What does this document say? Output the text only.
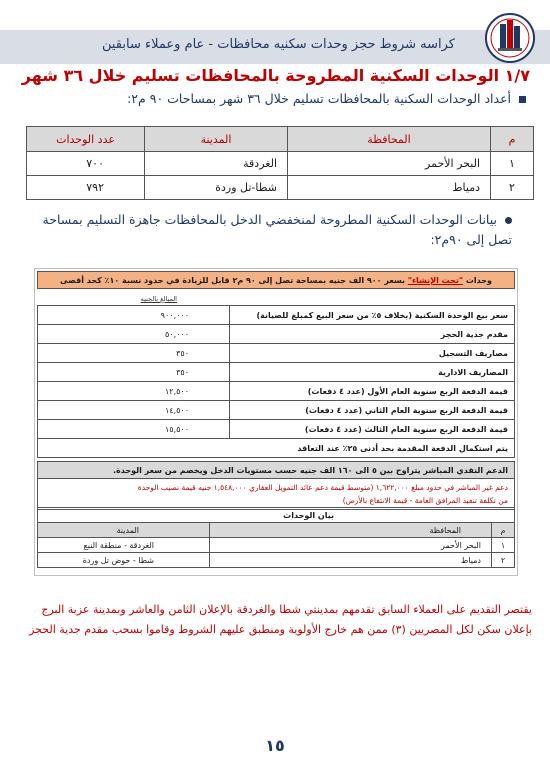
كراسه شروط حجز وحدات سكنيه محافظات - عام وعملاء سابقين
١/٧ الوحدات السكنية المطروحة بالمحافظات تسليم خلال ٣٦ شهر
أعداد الوحدات السكنية بالمحافظات تسليم خلال ٣٦ شهر بمساحات ٩٠ م٢:
م	المحافظة	المدينة	عدد الوحدات
١	البحر الأحمر	الغردقة	٧٠٠
٢	دمياط	شطا-تل وردة	٧٩٢
بيانات الوحدات السكنية المطروحة لمنخفضي الدخل بالمحافظات جاهزة التسليم بمساحة
تصل إلى ٩٠م٢:
وحدات "تحت الإنشاء" بسعر ٩٠٠ الف جنيه بمساحة تصل إلى ٩٠ م٢ قابل للزيادة في حدود نسبة ١٠٪ كحد أقصى
المبالغ بالجنيه
سعر بيع الوحدة السكنية (بخلاف ٥٪ من سعر البيع كمبلغ للصيانة)	٩٠٠,٠٠٠
مقدم جدية الحجز	٥٠,٠٠٠
مصاريف التسجيل	٣٥٠
المصاريف الادارية	٣٥٠
قيمة الدفعة الربع سنوية العام الأول (عدد ٤ دفعات)	١٢,٥٠٠
قيمة الدفعة الربع سنوية العام الثاني (عدد ٤ دفعات)	١٤,٥٠٠
قيمة الدفعة الربع سنوية العام الثالث (عدد ٤ دفعات)	١٥,٥٠٠
يتم استكمال الدفعة المقدمة بحد أدنى ٢٥٪ عند التعاقد	
الدعم النقدي المباشر يتراوح بين ٥ الى ١٦٠ الف جنيه حسب مستويات الدخل ويخصم من سعر الوحدة.

دعم غير المباشر في حدود مبلغ ١,٦٢٢,٠٠٠ (متوسط قيمة دعم عائد التمويل العقاري ١,٥٤٨,٠٠٠ جنيه قيمة نصيب الوحدة
من تكلفة تنفيذ المرافق العامة - قيمة الانتفاع بالأرض)
بيان الوحدات		
م	المحافظة	المدينة
١	البحر الأحمر	الغردقة - منطقة النبع
٢	دمياط	شطا - حوض تل وردة
يقتصر التقديم على العملاء السابق تقدمهم بمدينتي شطا والغردقة بالإعلان الثامن والعاشر وبمدينة عزبة البرج
بإعلان سكن لكل المصريين (٣) ممن هم خارج الأولوية ومنطبق عليهم الشروط وقاموا بسحب مقدم جدية الحجز
١٥
